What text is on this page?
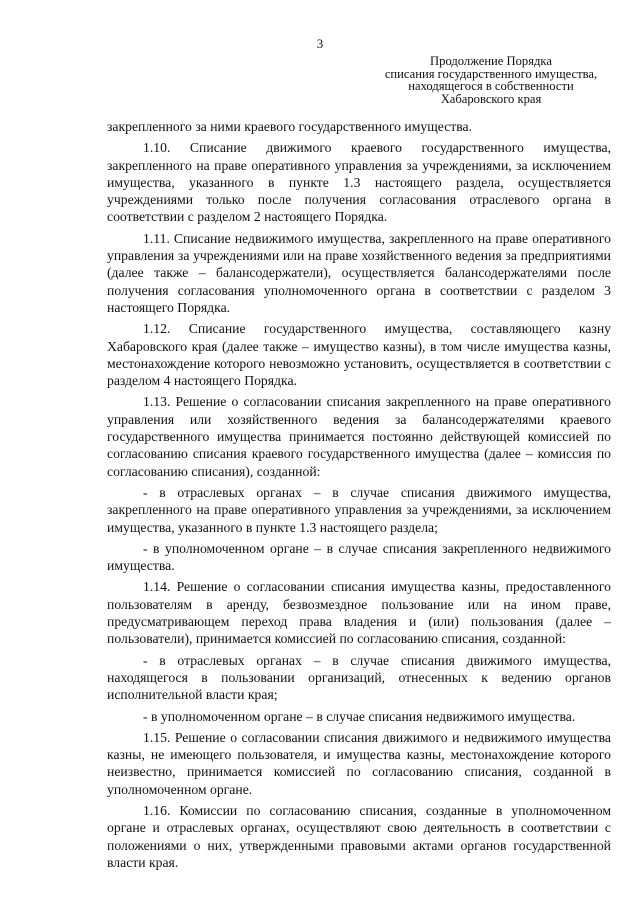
3
Продолжение Порядка
списания государственного имущества,
находящегося в собственности
Хабаровского края

закрепленного за ними краевого государственного имущества.

1.10. Списание движимого краевого государственного имущества, закрепленного на праве оперативного управления за учреждениями, за исключением имущества, указанного в пункте 1.3 настоящего раздела, осуществляется учреждениями только после получения согласования отраслевого органа в соответствии с разделом 2 настоящего Порядка.

1.11. Списание недвижимого имущества, закрепленного на праве оперативного управления за учреждениями или на праве хозяйственного ведения за предприятиями (далее также – балансодержатели), осуществляется балансодержателями после получения согласования уполномоченного органа в соответствии с разделом 3 настоящего Порядка.

1.12. Списание государственного имущества, составляющего казну Хабаровского края (далее также – имущество казны), в том числе имущества казны, местонахождение которого невозможно установить, осуществляется в соответствии с разделом 4 настоящего Порядка.

1.13. Решение о согласовании списания закрепленного на праве оперативного управления или хозяйственного ведения за балансодержателями краевого государственного имущества принимается постоянно действующей комиссией по согласованию списания краевого государственного имущества (далее – комиссия по согласованию списания), созданной:

- в отраслевых органах – в случае списания движимого имущества, закрепленного на праве оперативного управления за учреждениями, за исключением имущества, указанного в пункте 1.3 настоящего раздела;

- в уполномоченном органе – в случае списания закрепленного недвижимого имущества.

1.14. Решение о согласовании списания имущества казны, предоставленного пользователям в аренду, безвозмездное пользование или на ином праве, предусматривающем переход права владения и (или) пользования (далее – пользователи), принимается комиссией по согласованию списания, созданной:

- в отраслевых органах – в случае списания движимого имущества, находящегося в пользовании организаций, отнесенных к ведению органов исполнительной власти края;

- в уполномоченном органе – в случае списания недвижимого имущества.

1.15. Решение о согласовании списания движимого и недвижимого имущества казны, не имеющего пользователя, и имущества казны, местонахождение которого неизвестно, принимается комиссией по согласованию списания, созданной в уполномоченном органе.

1.16. Комиссии по согласованию списания, созданные в уполномоченном органе и отраслевых органах, осуществляют свою деятельность в соответствии с положениями о них, утвержденными правовыми актами органов государственной власти края.
